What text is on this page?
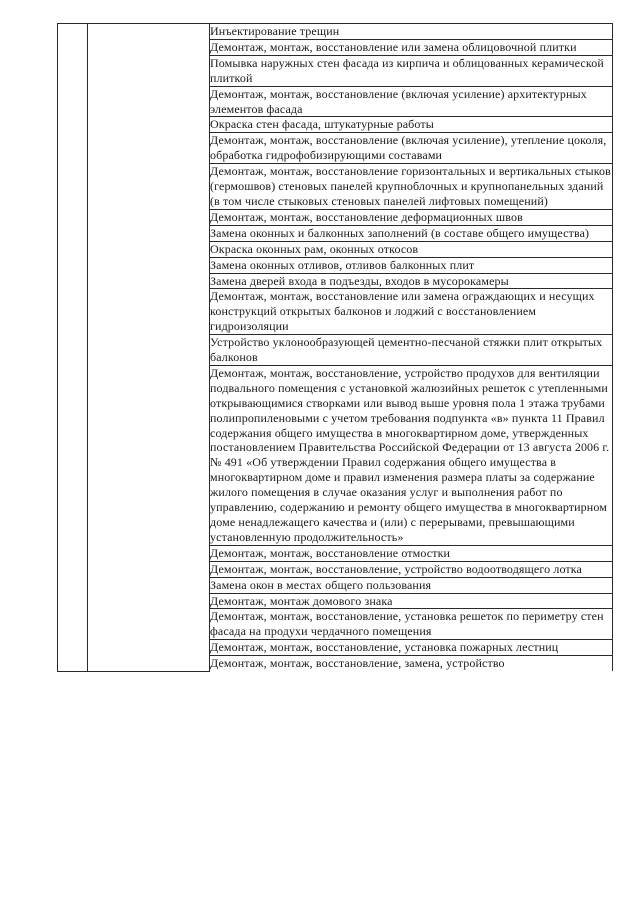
		Инъектирование трещин
Демонтаж, монтаж, восстановление или замена облицовочной плитки
Помывка наружных стен фасада из кирпича и облицованных керамической плиткой
Демонтаж, монтаж, восстановление (включая усиление) архитектурных элементов фасада
Окраска стен фасада, штукатурные работы
Демонтаж, монтаж, восстановление (включая усиление), утепление цоколя, обработка гидрофобизирующими составами
Демонтаж, монтаж, восстановление горизонтальных и вертикальных стыков (гермошвов) стеновых панелей крупноблочных и крупнопанельных зданий (в том числе стыковых стеновых панелей лифтовых помещений)
Демонтаж, монтаж, восстановление деформационных швов
Замена оконных и балконных заполнений (в составе общего имущества)
Окраска оконных рам, оконных откосов
Замена оконных отливов, отливов балконных плит
Замена дверей входа в подъезды, входов в мусорокамеры
Демонтаж, монтаж, восстановление или замена ограждающих и несущих конструкций открытых балконов и лоджий с восстановлением гидроизоляции
Устройство уклонообразующей цементно-песчаной стяжки плит открытых балконов
Демонтаж, монтаж, восстановление, устройство продухов для вентиляции подвального помещения с установкой жалюзийных решеток с утепленными открывающимися створками или вывод выше уровня пола 1 этажа трубами полипропиленовыми с учетом требования подпункта «в» пункта 11 Правил содержания общего имущества в многоквартирном доме, утвержденных постановлением Правительства Российской Федерации от 13 августа 2006 г. № 491 «Об утверждении Правил содержания общего имущества в многоквартирном доме и правил изменения размера платы за содержание жилого помещения в случае оказания услуг и выполнения работ по управлению, содержанию и ремонту общего имущества в многоквартирном доме ненадлежащего качества и (или) с перерывами, превышающими установленную продолжительность»
Демонтаж, монтаж, восстановление отмостки
Демонтаж, монтаж, восстановление, устройство водоотводящего лотка
Замена окон в местах общего пользования
Демонтаж, монтаж домового знака
Демонтаж, монтаж, восстановление, установка решеток по периметру стен фасада на продухи чердачного помещения
Демонтаж, монтаж, восстановление, установка пожарных лестниц
Демонтаж, монтаж, восстановление, замена, устройство
